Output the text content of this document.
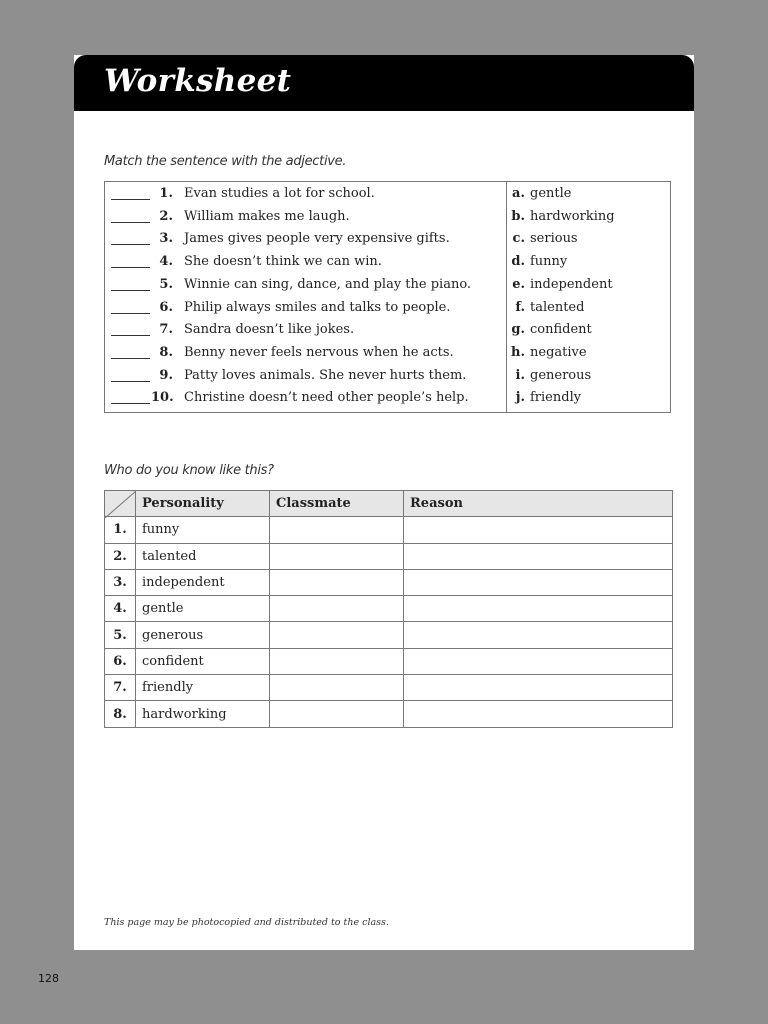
Worksheet
Match the sentence with the adjective.
1. Evan studies a lot for school.	a. gentle
2. William makes me laugh.	b. hardworking
3. James gives people very expensive gifts.	c. serious
4. She doesn’t think we can win.	d. funny
5. Winnie can sing, dance, and play the piano.	e. independent
6. Philip always smiles and talks to people.	f. talented
7. Sandra doesn’t like jokes.	g. confident
8. Benny never feels nervous when he acts.	h. negative
9. Patty loves animals. She never hurts them.	i. generous
10. Christine doesn’t need other people’s help.	j. friendly
Who do you know like this?
	Personality	Classmate	Reason
1.	funny		
2.	talented		
3.	independent		
4.	gentle		
5.	generous		
6.	confident		
7.	friendly		
8.	hardworking		
This page may be photocopied and distributed to the class.
128
